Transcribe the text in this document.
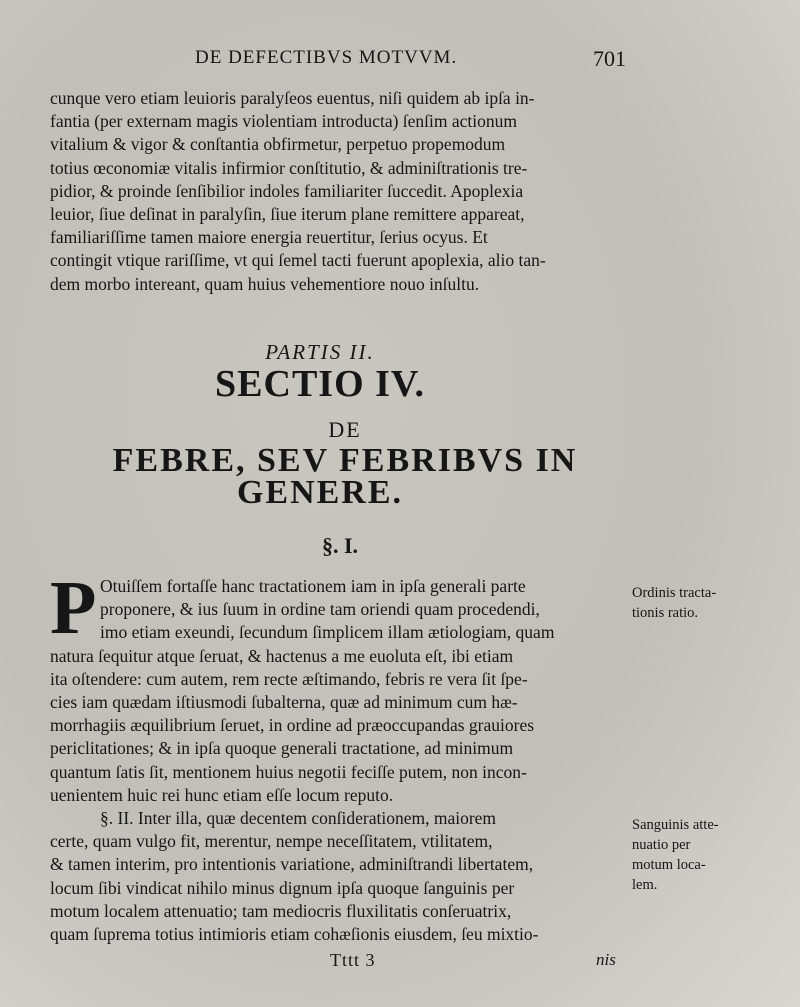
DE DEFECTIBVS MOTVVM.	701
cunque vero etiam leuioris paralyſeos euentus, niſi quidem ab ipſa in-
fantia (per externam magis violentiam introducta) ſenſim actionum
vitalium & vigor & conſtantia obfirmetur, perpetuo propemodum
totius œconomiæ vitalis infirmior conſtitutio, & adminiſtrationis tre-
pidior, & proinde ſenſibilior indoles familiariter ſuccedit. Apoplexia
leuior, ſiue deſinat in paralyſin, ſiue iterum plane remittere appareat,
familiariſſime tamen maiore energia reuertitur, ſerius ocyus. Et
contingit vtique rariſſime, vt qui ſemel tacti fuerunt apoplexia, alio tan-
dem morbo intereant, quam huius vehementiore nouo inſultu.
PARTIS II.
SECTIO IV.
DE
FEBRE, SEV FEBRIBVS IN
GENERE.
§. I.
P Otuiſſem fortaſſe hanc tractationem iam in ipſa generali parte
proponere, & ius ſuum in ordine tam oriendi quam procedendi,
imo etiam exeundi, ſecundum ſimplicem illam ætiologiam, quam
natura ſequitur atque ſeruat, & hactenus a me euoluta eſt, ibi etiam
ita oſtendere: cum autem, rem recte æſtimando, febris re vera ſit ſpe-
cies iam quædam iſtiusmodi ſubalterna, quæ ad minimum cum hæ-
morrhagiis æquilibrium ſeruet, in ordine ad præoccupandas grauiores
periclitationes; & in ipſa quoque generali tractatione, ad minimum
quantum ſatis ſit, mentionem huius negotii feciſſe putem, non incon-
uenientem huic rei hunc etiam eſſe locum reputo.
Ordinis tracta-
tionis ratio.
§. II. Inter illa, quæ decentem conſiderationem, maiorem
certe, quam vulgo fit, merentur, nempe neceſſitatem, vtilitatem,
& tamen interim, pro intentionis variatione, adminiſtrandi libertatem,
locum ſibi vindicat nihilo minus dignum ipſa quoque ſanguinis per
motum localem attenuatio; tam mediocris fluxilitatis conſeruatrix,
quam ſuprema totius intimioris etiam cohæſionis eiusdem, ſeu mixtio-
Sanguinis atte-
nuatio per
motum loca-
lem.
Tttt 3	nis
